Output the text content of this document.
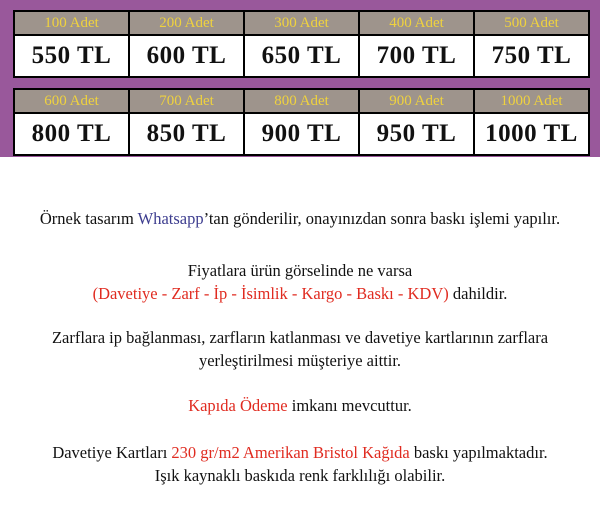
100 Adet	200 Adet	300 Adet	400 Adet	500 Adet
550 TL	600 TL	650 TL	700 TL	750 TL
600 Adet	700 Adet	800 Adet	900 Adet	1000 Adet
800 TL	850 TL	900 TL	950 TL	1000 TL

Örnek tasarım Whatsapp’tan gönderilir, onayınızdan sonra baskı işlemi yapılır.

Fiyatlara ürün görselinde ne varsa
(Davetiye - Zarf - İp - İsimlik - Kargo - Baskı - KDV) dahildir.

Zarflara ip bağlanması, zarfların katlanması ve davetiye kartlarının zarflara
yerleştirilmesi müşteriye aittir.

Kapıda Ödeme imkanı mevcuttur.

Davetiye Kartları 230 gr/m2 Amerikan Bristol Kağıda baskı yapılmaktadır.
Işık kaynaklı baskıda renk farklılığı olabilir.
